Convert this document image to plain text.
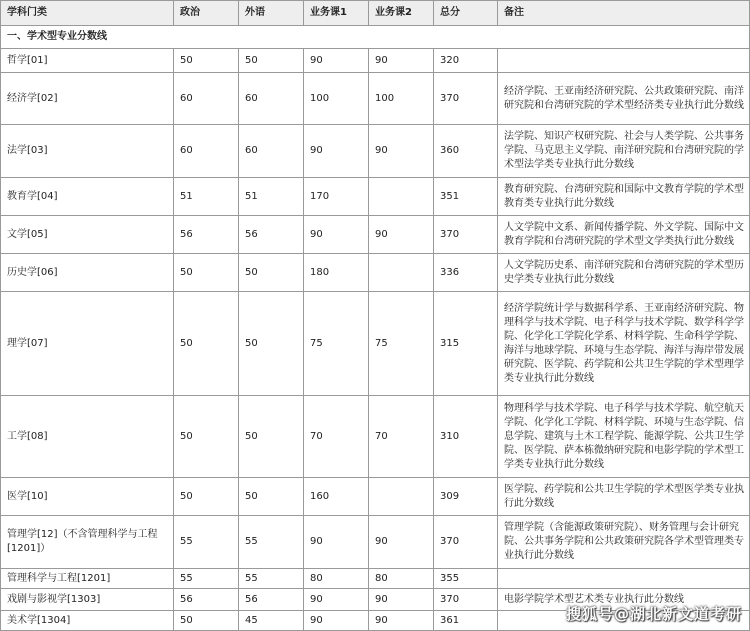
学科门类	政治	外语	业务课1	业务课2	总分	备注
一、学术型专业分数线						
哲学[01]	50	50	90	90	320	
经济学[02]	60	60	100	100	370	经济学院、王亚南经济研究院、公共政策研究院、南洋研究院和台湾研究院的学术型经济类专业执行此分数线
法学[03]	60	60	90	90	360	法学院、知识产权研究院、社会与人类学院、公共事务学院、马克思主义学院、南洋研究院和台湾研究院的学术型法学类专业执行此分数线
教育学[04]	51	51	170		351	教育研究院、台湾研究院和国际中文教育学院的学术型教育类专业执行此分数线
文学[05]	56	56	90	90	370	人文学院中文系、新闻传播学院、外文学院、国际中文教育学院和台湾研究院的学术型文学类执行此分数线
历史学[06]	50	50	180		336	人文学院历史系、南洋研究院和台湾研究院的学术型历史学类专业执行此分数线
理学[07]	50	50	75	75	315	经济学院统计学与数据科学系、王亚南经济研究院、物理科学与技术学院、电子科学与技术学院、数学科学学院、化学化工学院化学系、材料学院、生命科学学院、海洋与地球学院、环境与生态学院、海洋与海岸带发展研究院、医学院、药学院和公共卫生学院的学术型理学类专业执行此分数线
工学[08]	50	50	70	70	310	物理科学与技术学院、电子科学与技术学院、航空航天学院、化学化工学院、材料学院、环境与生态学院、信息学院、建筑与土木工程学院、能源学院、公共卫生学院、医学院、萨本栋微纳研究院和电影学院的学术型工学类专业执行此分数线
医学[10]	50	50	160		309	医学院、药学院和公共卫生学院的学术型医学类专业执行此分数线
管理学[12]（不含管理科学与工程[1201]）	55	55	90	90	370	管理学院（含能源政策研究院）、财务管理与会计研究院、公共事务学院和公共政策研究院各学术型管理类专业执行此分数线
管理科学与工程[1201]	55	55	80	80	355	
戏剧与影视学[1303]	56	56	90	90	370	电影学院学术型艺术类专业执行此分数线
美术学[1304]	50	45	90	90	361		搜狐号@湖北新文道考研
